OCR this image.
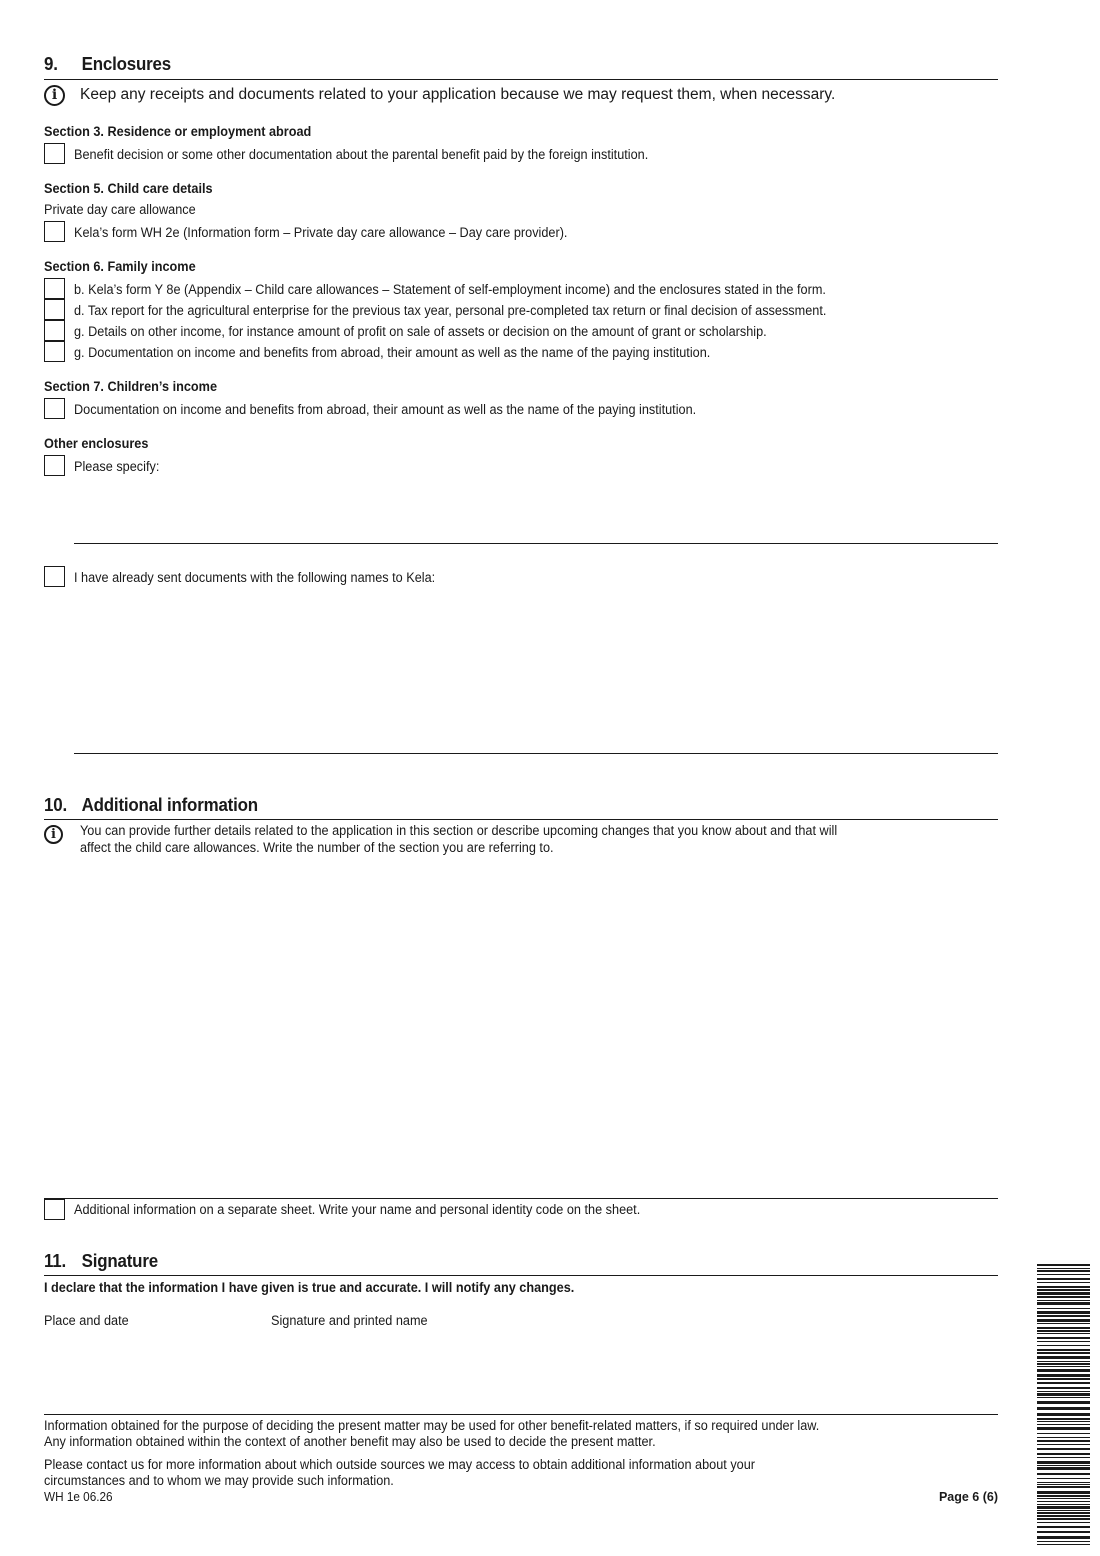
9. Enclosures
i	Keep any receipts and documents related to your application because we may request them, when necessary.
Section 3. Residence or employment abroad
Benefit decision or some other documentation about the parental benefit paid by the foreign institution.
Section 5. Child care details
Private day care allowance
Kela’s form WH 2e (Information form – Private day care allowance – Day care provider).
Section 6. Family income
b. Kela’s form Y 8e (Appendix – Child care allowances – Statement of self-employment income) and the enclosures stated in the form.
d. Tax report for the agricultural enterprise for the previous tax year, personal pre-completed tax return or final decision of assessment.
g. Details on other income, for instance amount of profit on sale of assets or decision on the amount of grant or scholarship.
g. Documentation on income and benefits from abroad, their amount as well as the name of the paying institution.
Section 7. Children’s income
Documentation on income and benefits from abroad, their amount as well as the name of the paying institution.
Other enclosures
Please specify:
I have already sent documents with the following names to Kela:
10. Additional information
i	You can provide further details related to the application in this section or describe upcoming changes that you know about and that will
affect the child care allowances. Write the number of the section you are referring to.
Additional information on a separate sheet. Write your name and personal identity code on the sheet.
11. Signature
I declare that the information I have given is true and accurate. I will notify any changes.
Place and date	Signature and printed name
Information obtained for the purpose of deciding the present matter may be used for other benefit-related matters, if so required under law.
Any information obtained within the context of another benefit may also be used to decide the present matter.
Please contact us for more information about which outside sources we may access to obtain additional information about your
circumstances and to whom we may provide such information.
WH 1e 06.26	Page 6 (6)
